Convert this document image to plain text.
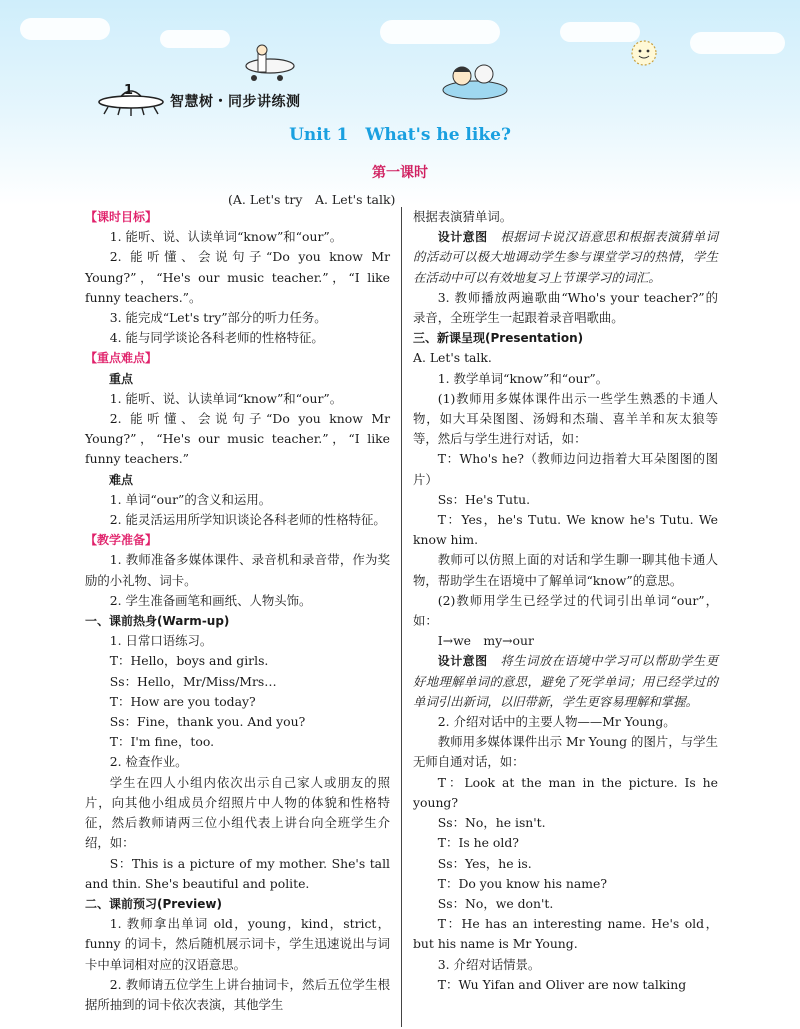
1
智慧树・同步讲练测
Unit 1　What's he like?
第一课时
(A. Let's try　A. Let's talk)

【课时目标】

1. 能听、说、认读单词“know”和“our”。

2. 能听懂、会说句子“Do you know Mr Young?”，“He's our music teacher.”，“I like funny teachers.”。

3. 能完成“Let's try”部分的听力任务。

4. 能与同学谈论各科老师的性格特征。

【重点难点】

重点

1. 能听、说、认读单词“know”和“our”。

2. 能听懂、会说句子“Do you know Mr Young?”，“He's our music teacher.”，“I like funny teachers.”

难点

1. 单词“our”的含义和运用。

2. 能灵活运用所学知识谈论各科老师的性格特征。

【教学准备】

1. 教师准备多媒体课件、录音机和录音带，作为奖励的小礼物、词卡。

2. 学生准备画笔和画纸、人物头饰。

一、课前热身(Warm-up)

1. 日常口语练习。

T：Hello，boys and girls.

Ss：Hello，Mr/Miss/Mrs…

T：How are you today?

Ss：Fine，thank you. And you?

T：I'm fine，too.

2. 检查作业。

学生在四人小组内依次出示自己家人或朋友的照片，向其他小组成员介绍照片中人物的体貌和性格特征，然后教师请两三位小组代表上讲台向全班学生介绍，如：

S：This is a picture of my mother. She's tall and thin. She's beautiful and polite.

二、课前预习(Preview)

1. 教师拿出单词 old，young，kind，strict，funny 的词卡，然后随机展示词卡，学生迅速说出与词卡中单词相对应的汉语意思。

2. 教师请五位学生上讲台抽词卡，然后五位学生根据所抽到的词卡依次表演，其他学生

根据表演猜单词。

设计意图　根据词卡说汉语意思和根据表演猜单词的活动可以极大地调动学生参与课堂学习的热情，学生在活动中可以有效地复习上节课学习的词汇。

3. 教师播放两遍歌曲“Who's your teacher?”的录音，全班学生一起跟着录音唱歌曲。

三、新课呈现(Presentation)

A. Let's talk.

1. 教学单词“know”和“our”。

(1)教师用多媒体课件出示一些学生熟悉的卡通人物，如大耳朵图图、汤姆和杰瑞、喜羊羊和灰太狼等等，然后与学生进行对话，如：

T：Who's he?（教师边问边指着大耳朵图图的图片）

Ss：He's Tutu.

T：Yes，he's Tutu. We know he's Tutu. We know him.

教师可以仿照上面的对话和学生聊一聊其他卡通人物，帮助学生在语境中了解单词“know”的意思。

(2)教师用学生已经学过的代词引出单词“our”，如：

I→we　my→our

设计意图　将生词放在语境中学习可以帮助学生更好地理解单词的意思，避免了死学单词；用已经学过的单词引出新词，以旧带新，学生更容易理解和掌握。

2. 介绍对话中的主要人物——Mr Young。

教师用多媒体课件出示 Mr Young 的图片，与学生无师自通对话，如：

T：Look at the man in the picture. Is he young?

Ss：No，he isn't.

T：Is he old?

Ss：Yes，he is.

T：Do you know his name?

Ss：No，we don't.

T：He has an interesting name. He's old，but his name is Mr Young.

3. 介绍对话情景。

T：Wu Yifan and Oliver are now talking
